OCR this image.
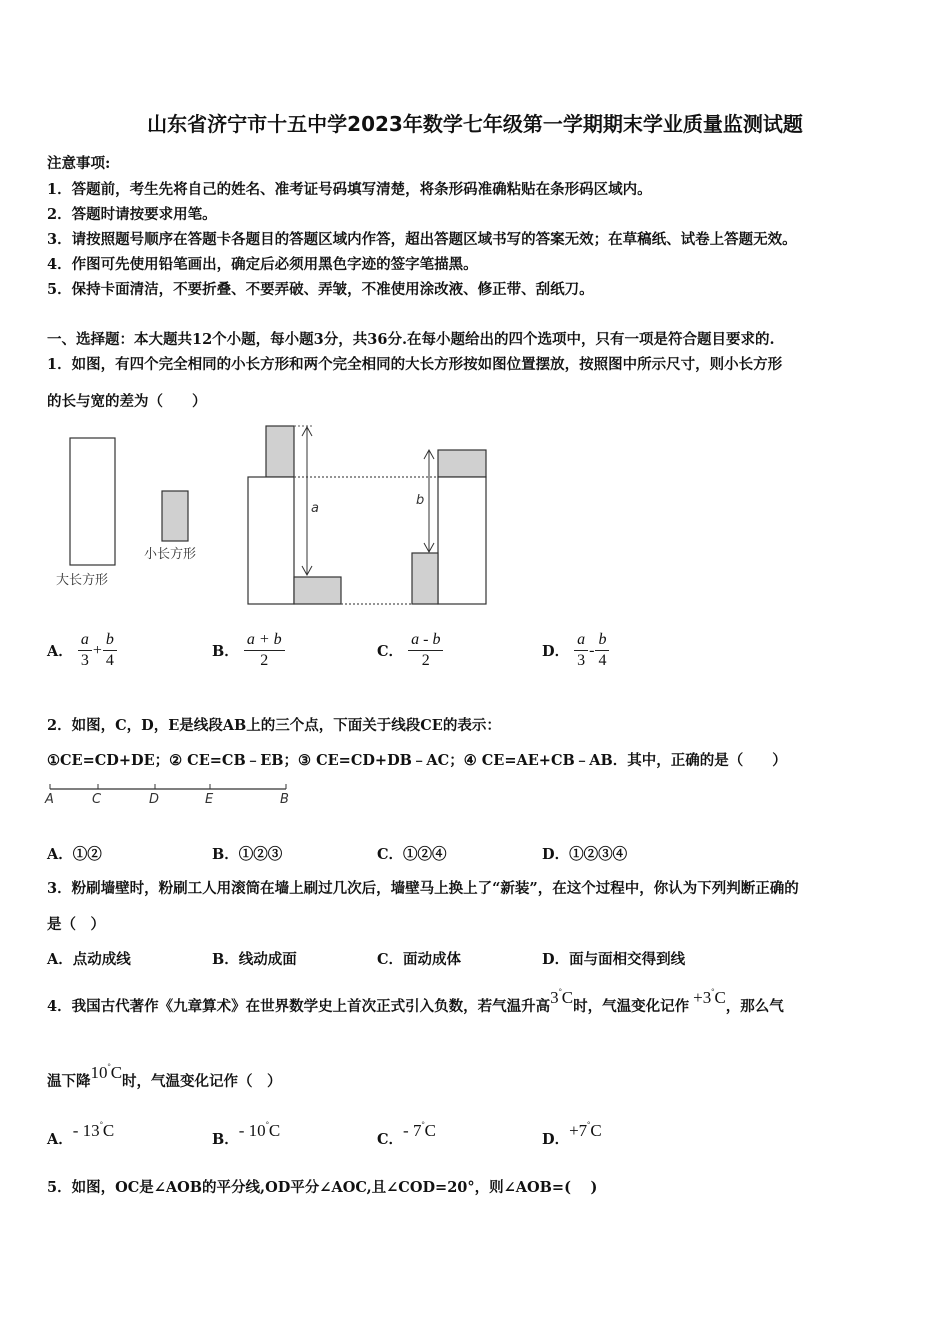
山东省济宁市十五中学2023年数学七年级第一学期期末学业质量监测试题
注意事项:
1．答题前，考生先将自己的姓名、准考证号码填写清楚，将条形码准确粘贴在条形码区域内。
2．答题时请按要求用笔。
3．请按照题号顺序在答题卡各题目的答题区域内作答，超出答题区域书写的答案无效；在草稿纸、试卷上答题无效。
4．作图可先使用铅笔画出，确定后必须用黑色字迹的签字笔描黑。
5．保持卡面清洁，不要折叠、不要弄破、弄皱，不准使用涂改液、修正带、刮纸刀。
一、选择题：本大题共12个小题，每小题3分，共36分.在每小题给出的四个选项中，只有一项是符合题目要求的.
1．如图，有四个完全相同的小长方形和两个完全相同的大长方形按如图位置摆放，按照图中所示尺寸，则小长方形
的长与宽的差为（　　）
大长方形
小长方形
a
b
A． $\frac{a}{3} + \frac{b}{4}$	B． $\frac{a + b}{2}$	C． $\frac{a - b}{2}$	D． $\frac{a}{3} - \frac{b}{4}$
2．如图，C，D，E是线段AB上的三个点，下面关于线段CE的表示：
①CE=CD+DE；② CE=CB﹣EB；③ CE=CD+DB﹣AC；④ CE=AE+CB﹣AB．其中，正确的是（　　）
A	C	D	E	B
A．①②	B．①②③	C．①②④	D．①②③④
3．粉刷墙壁时，粉刷工人用滚筒在墙上刷过几次后，墙壁马上换上了“新装”，在这个过程中，你认为下列判断正确的
是（　）
A．点动成线	B．线动成面	C．面动成体	D．面与面相交得到线
4．我国古代著作《九章算术》在世界数学史上首次正式引入负数，若气温升高3°C时，气温变化记作 +3°C，那么气
温下降10°C时，气温变化记作（　）
A．- 13°C	B．- 10°C	C．- 7°C	D．+7°C
5．如图，OC是∠AOB的平分线,OD平分∠AOC,且∠COD=20°，则∠AOB=(　 )
